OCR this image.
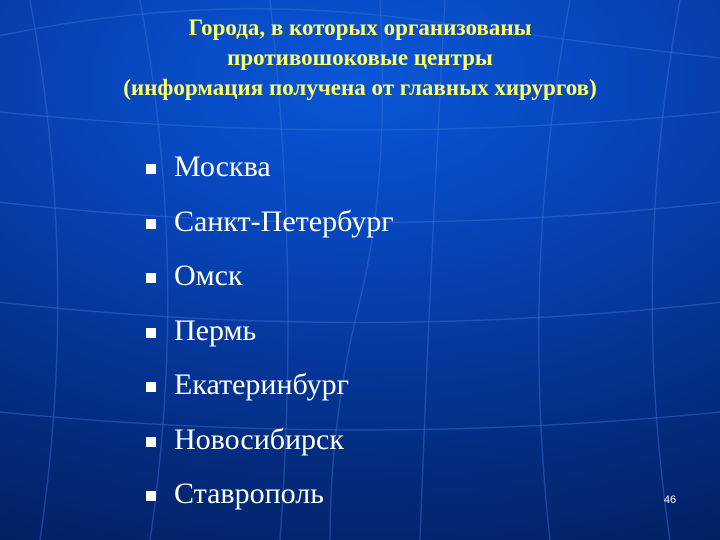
Города, в которых организованы
противошоковые центры
(информация получена от главных хирургов)
Москва
Санкт-Петербург
Омск
Пермь
Екатеринбург
Новосибирск
Ставрополь	46
